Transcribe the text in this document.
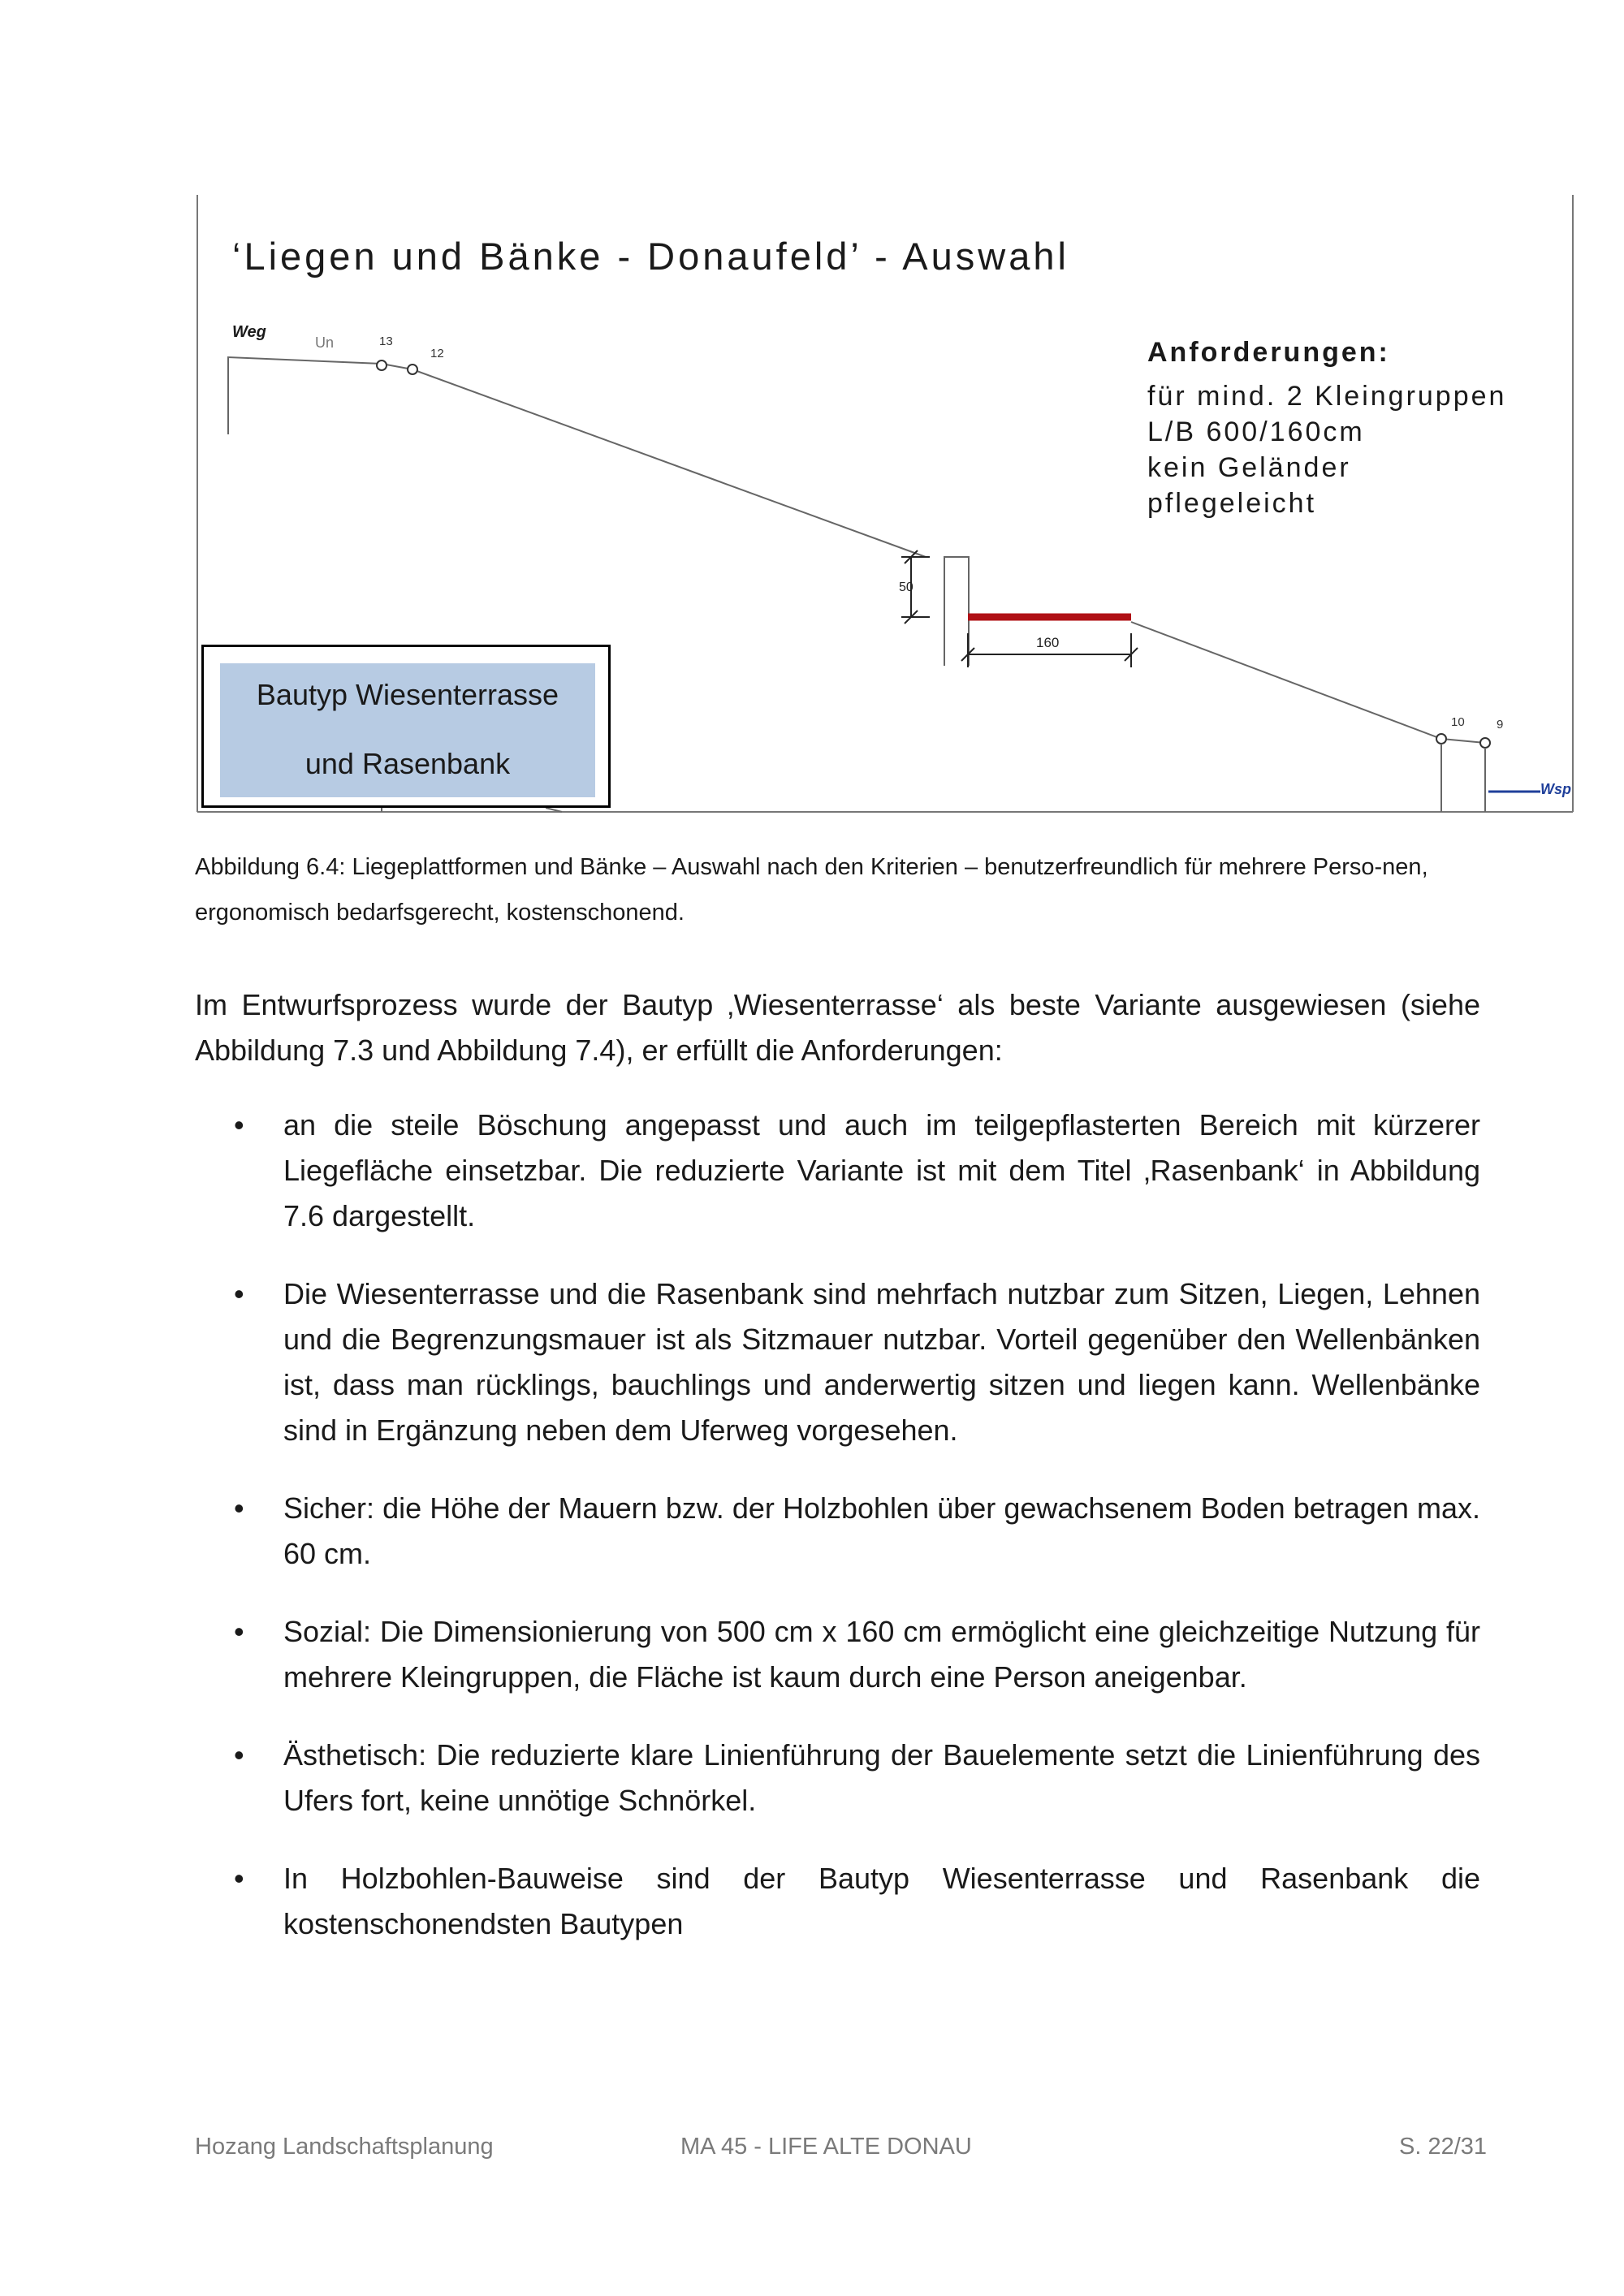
Weg
Un	13
12
50
160
10	9
Wsp
‘Liegen und Bänke - Donaufeld’ - Auswahl
Anforderungen:
für mind. 2 Kleingruppen
L/B 600/160cm
kein Geländer
pflegeleicht
Bautyp Wiesenterrasse
und Rasenbank
Abbildung 6.4: Liegeplattformen und Bänke – Auswahl nach den Kriterien – benutzerfreundlich für mehrere Perso-nen, ergonomisch bedarfsgerecht, kostenschonend.
Im Entwurfsprozess wurde der Bautyp ‚Wiesenterrasse‘ als beste Variante ausgewiesen (siehe Abbildung 7.3 und Abbildung 7.4), er erfüllt die Anforderungen:
• an die steile Böschung angepasst und auch im teilgepflasterten Bereich mit kürzerer Liegefläche einsetzbar. Die reduzierte Variante ist mit dem Titel ‚Rasenbank‘ in Abbildung 7.6 dargestellt.
• Die Wiesenterrasse und die Rasenbank sind mehrfach nutzbar zum Sitzen, Liegen, Lehnen und die Begrenzungsmauer ist als Sitzmauer nutzbar. Vorteil gegenüber den Wellenbänken ist, dass man rücklings, bauchlings und anderwertig sitzen und liegen kann. Wellenbänke sind in Ergänzung neben dem Uferweg vorgesehen.
• Sicher: die Höhe der Mauern bzw. der Holzbohlen über gewachsenem Boden betragen max. 60 cm.
• Sozial: Die Dimensionierung von 500 cm x 160 cm ermöglicht eine gleichzeitige Nutzung für mehrere Kleingruppen, die Fläche ist kaum durch eine Person aneigenbar.
• Ästhetisch: Die reduzierte klare Linienführung der Bauelemente setzt die Linienführung des Ufers fort, keine unnötige Schnörkel.
• In Holzbohlen-Bauweise sind der Bautyp Wiesenterrasse und Rasenbank die kostenschonendsten Bautypen
Hozang Landschaftsplanung	MA 45 - LIFE ALTE DONAU	S. 22/31
